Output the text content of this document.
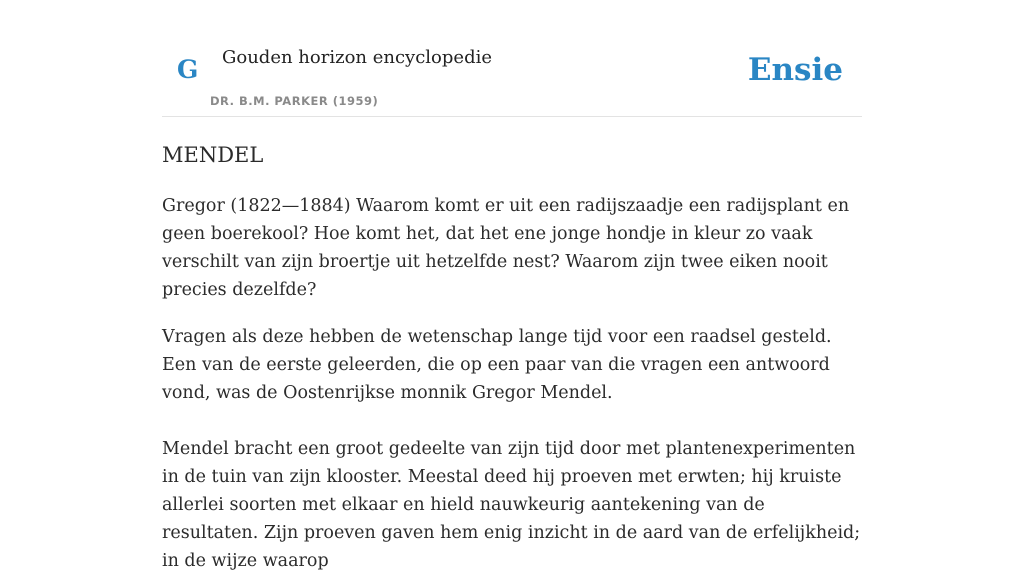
G Gouden horizon encyclopedie
DR. B.M. PARKER (1959)
Ensie
MENDEL

Gregor (1822—1884) Waarom komt er uit een radijszaadje een radijsplant en geen boerekool? Hoe komt het, dat het ene jonge hondje in kleur zo vaak verschilt van zijn broertje uit hetzelfde nest? Waarom zijn twee eiken nooit precies dezelfde?

Vragen als deze hebben de wetenschap lange tijd voor een raadsel gesteld. Een van de eerste geleerden, die op een paar van die vragen een antwoord vond, was de Oostenrijkse monnik Gregor Mendel.

Mendel bracht een groot gedeelte van zijn tijd door met plantenexperimenten in de tuin van zijn klooster. Meestal deed hij proeven met erwten; hij kruiste allerlei soorten met elkaar en hield nauwkeurig aantekening van de resultaten. Zijn proeven gaven hem enig inzicht in de aard van de erfelijkheid; in de wijze waarop
